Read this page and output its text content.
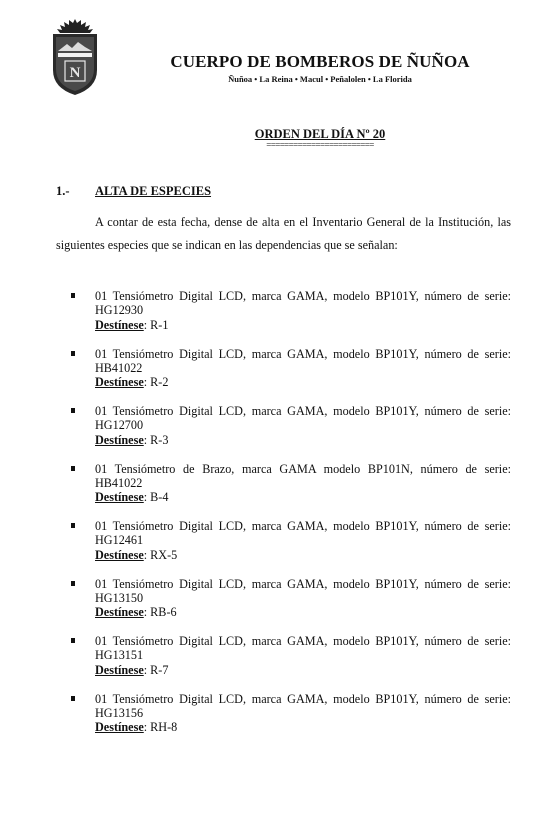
N
CUERPO DE BOMBEROS DE ÑUÑOA
Ñuñoa • La Reina • Macul • Peñalolen • La Florida
ORDEN DEL DÍA Nº 20
========================
1.- ALTA DE ESPECIES

A contar de esta fecha, dense de alta en el Inventario General de la Institución, las siguientes especies que se indican en las dependencias que se señalan:

01 Tensiómetro Digital LCD, marca GAMA, modelo BP101Y, número de serie:
HG12930
Destínese: R-1
01 Tensiómetro Digital LCD, marca GAMA, modelo BP101Y, número de serie:
HB41022
Destínese: R-2
01 Tensiómetro Digital LCD, marca GAMA, modelo BP101Y, número de serie:
HG12700
Destínese: R-3
01 Tensiómetro de Brazo, marca GAMA modelo BP101N, número de serie:
HB41022
Destínese: B-4
01 Tensiómetro Digital LCD, marca GAMA, modelo BP101Y, número de serie:
HG12461
Destínese: RX-5
01 Tensiómetro Digital LCD, marca GAMA, modelo BP101Y, número de serie:
HG13150
Destínese: RB-6
01 Tensiómetro Digital LCD, marca GAMA, modelo BP101Y, número de serie:
HG13151
Destínese: R-7
01 Tensiómetro Digital LCD, marca GAMA, modelo BP101Y, número de serie:
HG13156
Destínese: RH-8
